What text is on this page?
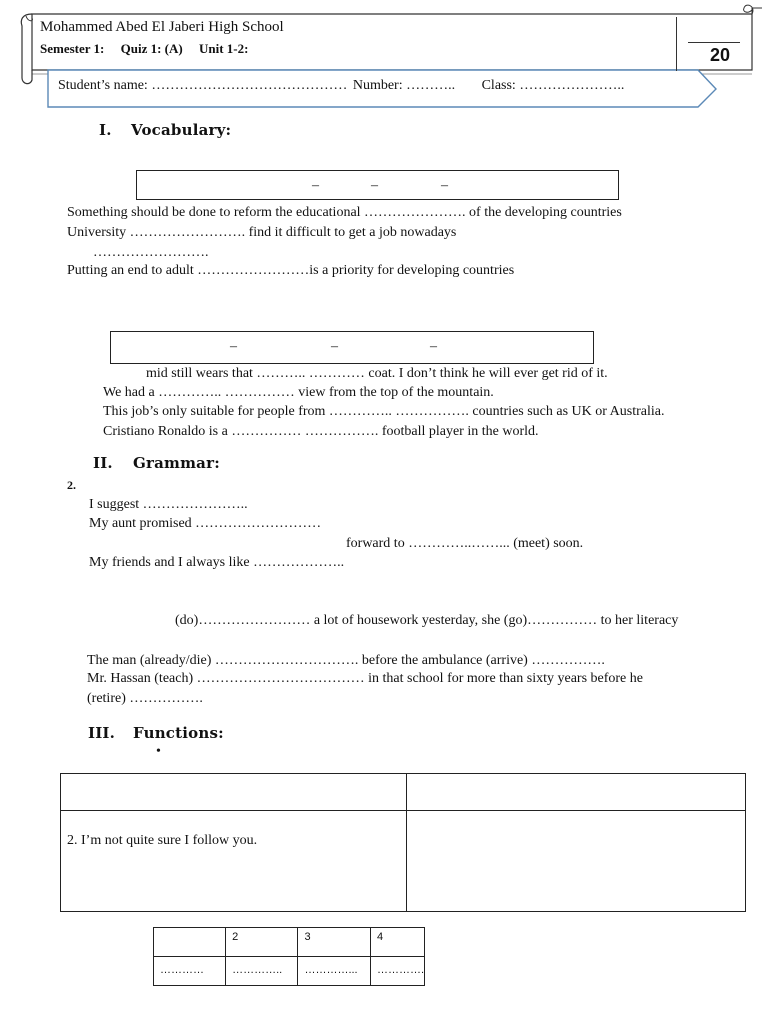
Mohammed Abed El Jaberi High School
Semester 1: Quiz 1: (A) Unit 1-2:	20
Student’s name: …………………………………… Number: ……….. Class: …………………..
I. Vocabulary:
–	–	–
Something should be done to reform the educational …………………. of the developing countries
University ……………………. find it difficult to get a job nowadays
…………………….
Putting an end to adult ……………………is a priority for developing countries
–	–	–
mid still wears that ……….. ………… coat. I don’t think he will ever get rid of it.
We had a ………….. …………… view from the top of the mountain.
This job’s only suitable for people from ………….. ……………. countries such as UK or Australia.
Cristiano Ronaldo is a …………… ……………. football player in the world.
II. Grammar:
2.
I suggest …………………..
My aunt promised ………………………
forward to …………..……... (meet) soon.
My friends and I always like ………………..
(do)…………………… a lot of housework yesterday, she (go)…………… to her literacy
The man (already/die) …………………………. before the ambulance (arrive) …………….
Mr. Hassan (teach) ……………………………… in that school for more than sixty years before he
(retire) …………….
III. Functions:
•

2. I’m not quite sure I follow you.	
	2	3	4
…………	…………..	…………...	………….
